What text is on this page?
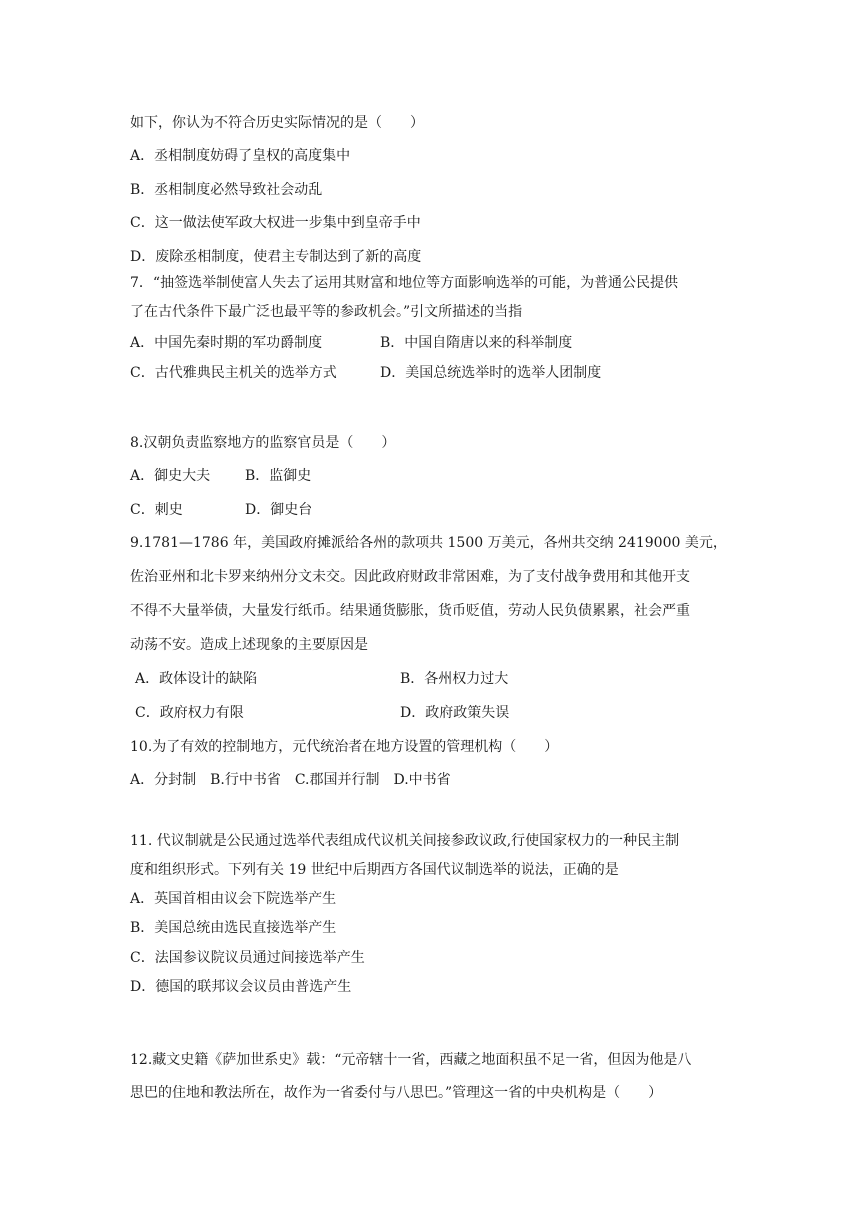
如下，你认为不符合历史实际情况的是（　　）
A．丞相制度妨碍了皇权的高度集中
B．丞相制度必然导致社会动乱
C．这一做法使军政大权进一步集中到皇帝手中
D．废除丞相制度，使君主专制达到了新的高度
7．“抽签选举制使富人失去了运用其财富和地位等方面影响选举的可能，为普通公民提供
了在古代条件下最广泛也最平等的参政机会。”引文所描述的当指
A．中国先秦时期的军功爵制度	B．中国自隋唐以来的科举制度
C．古代雅典民主机关的选举方式	D．美国总统选举时的选举人团制度
8.汉朝负责监察地方的监察官员是（　　）
A．御史大夫 B．监御史
C．刺史	D．御史台
9.1781—1786 年，美国政府摊派给各州的款项共 1500 万美元，各州共交纳 2419000 美元，
佐治亚州和北卡罗来纳州分文未交。因此政府财政非常困难，为了支付战争费用和其他开支
不得不大量举债，大量发行纸币。结果通货膨胀，货币贬值，劳动人民负债累累，社会严重
动荡不安。造成上述现象的主要原因是
A．政体设计的缺陷	B．各州权力过大
C．政府权力有限	D．政府政策失误
10.为了有效的控制地方，元代统治者在地方设置的管理机构（　　）
A．分封制　B.行中书省　C.郡国并行制　D.中书省
11. 代议制就是公民通过选举代表组成代议机关间接参政议政,行使国家权力的一种民主制
度和组织形式。下列有关 19 世纪中后期西方各国代议制选举的说法，正确的是
A．英国首相由议会下院选举产生
B．美国总统由选民直接选举产生
C．法国参议院议员通过间接选举产生
D．德国的联邦议会议员由普选产生
12.藏文史籍《萨加世系史》载：“元帝辖十一省，西藏之地面积虽不足一省，但因为他是八
思巴的住地和教法所在，故作为一省委付与八思巴。”管理这一省的中央机构是（　　）
